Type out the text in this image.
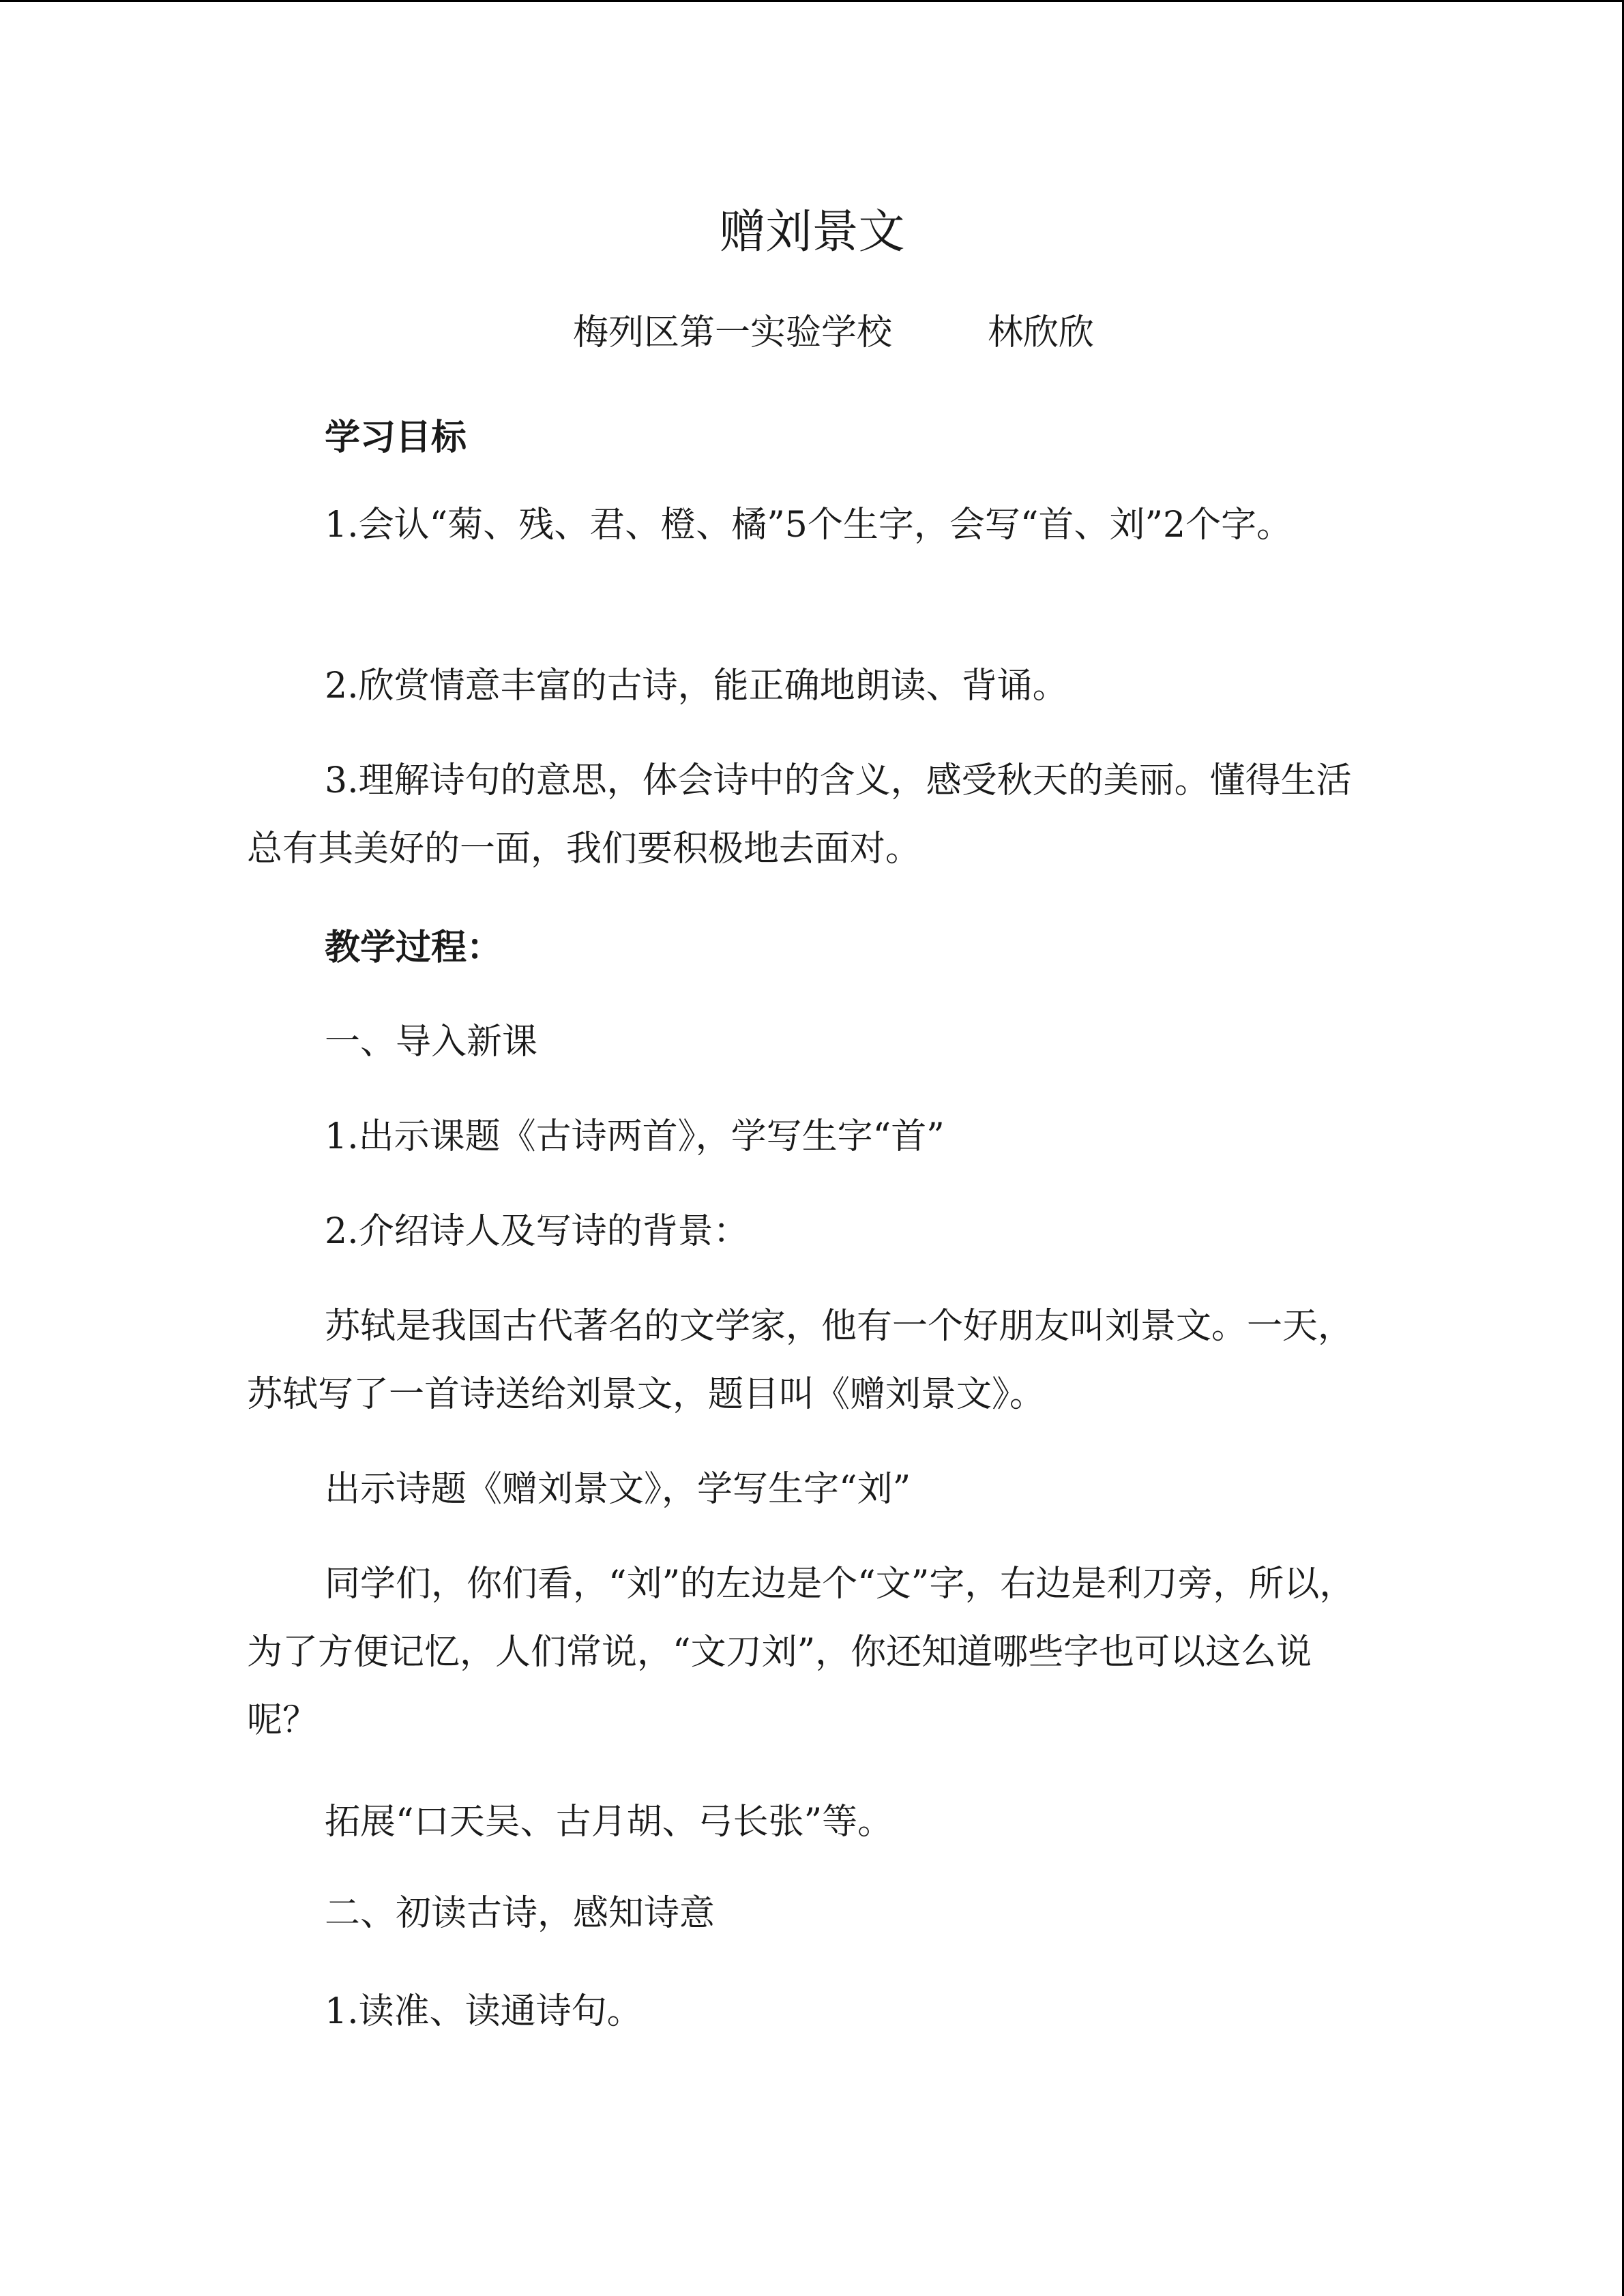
赠刘景文
梅列区第一实验学校	林欣欣
学习目标
1.会认“菊、残、君、橙、橘”5个生字，会写“首、刘”2个字。
2.欣赏情意丰富的古诗，能正确地朗读、背诵。
3.理解诗句的意思，体会诗中的含义，感受秋天的美丽。懂得生活总有其美好的一面，我们要积极地去面对。
教学过程：
一、导入新课
1.出示课题《古诗两首》，学写生字“首”
2.介绍诗人及写诗的背景：
苏轼是我国古代著名的文学家，他有一个好朋友叫刘景文。一天，苏轼写了一首诗送给刘景文，题目叫《赠刘景文》。
出示诗题《赠刘景文》，学写生字“刘”
同学们，你们看，“刘”的左边是个“文”字，右边是利刀旁，所以，为了方便记忆，人们常说，“文刀刘”，你还知道哪些字也可以这么说呢？
拓展“口天吴、古月胡、弓长张”等。
二、初读古诗，感知诗意
1.读准、读通诗句。
